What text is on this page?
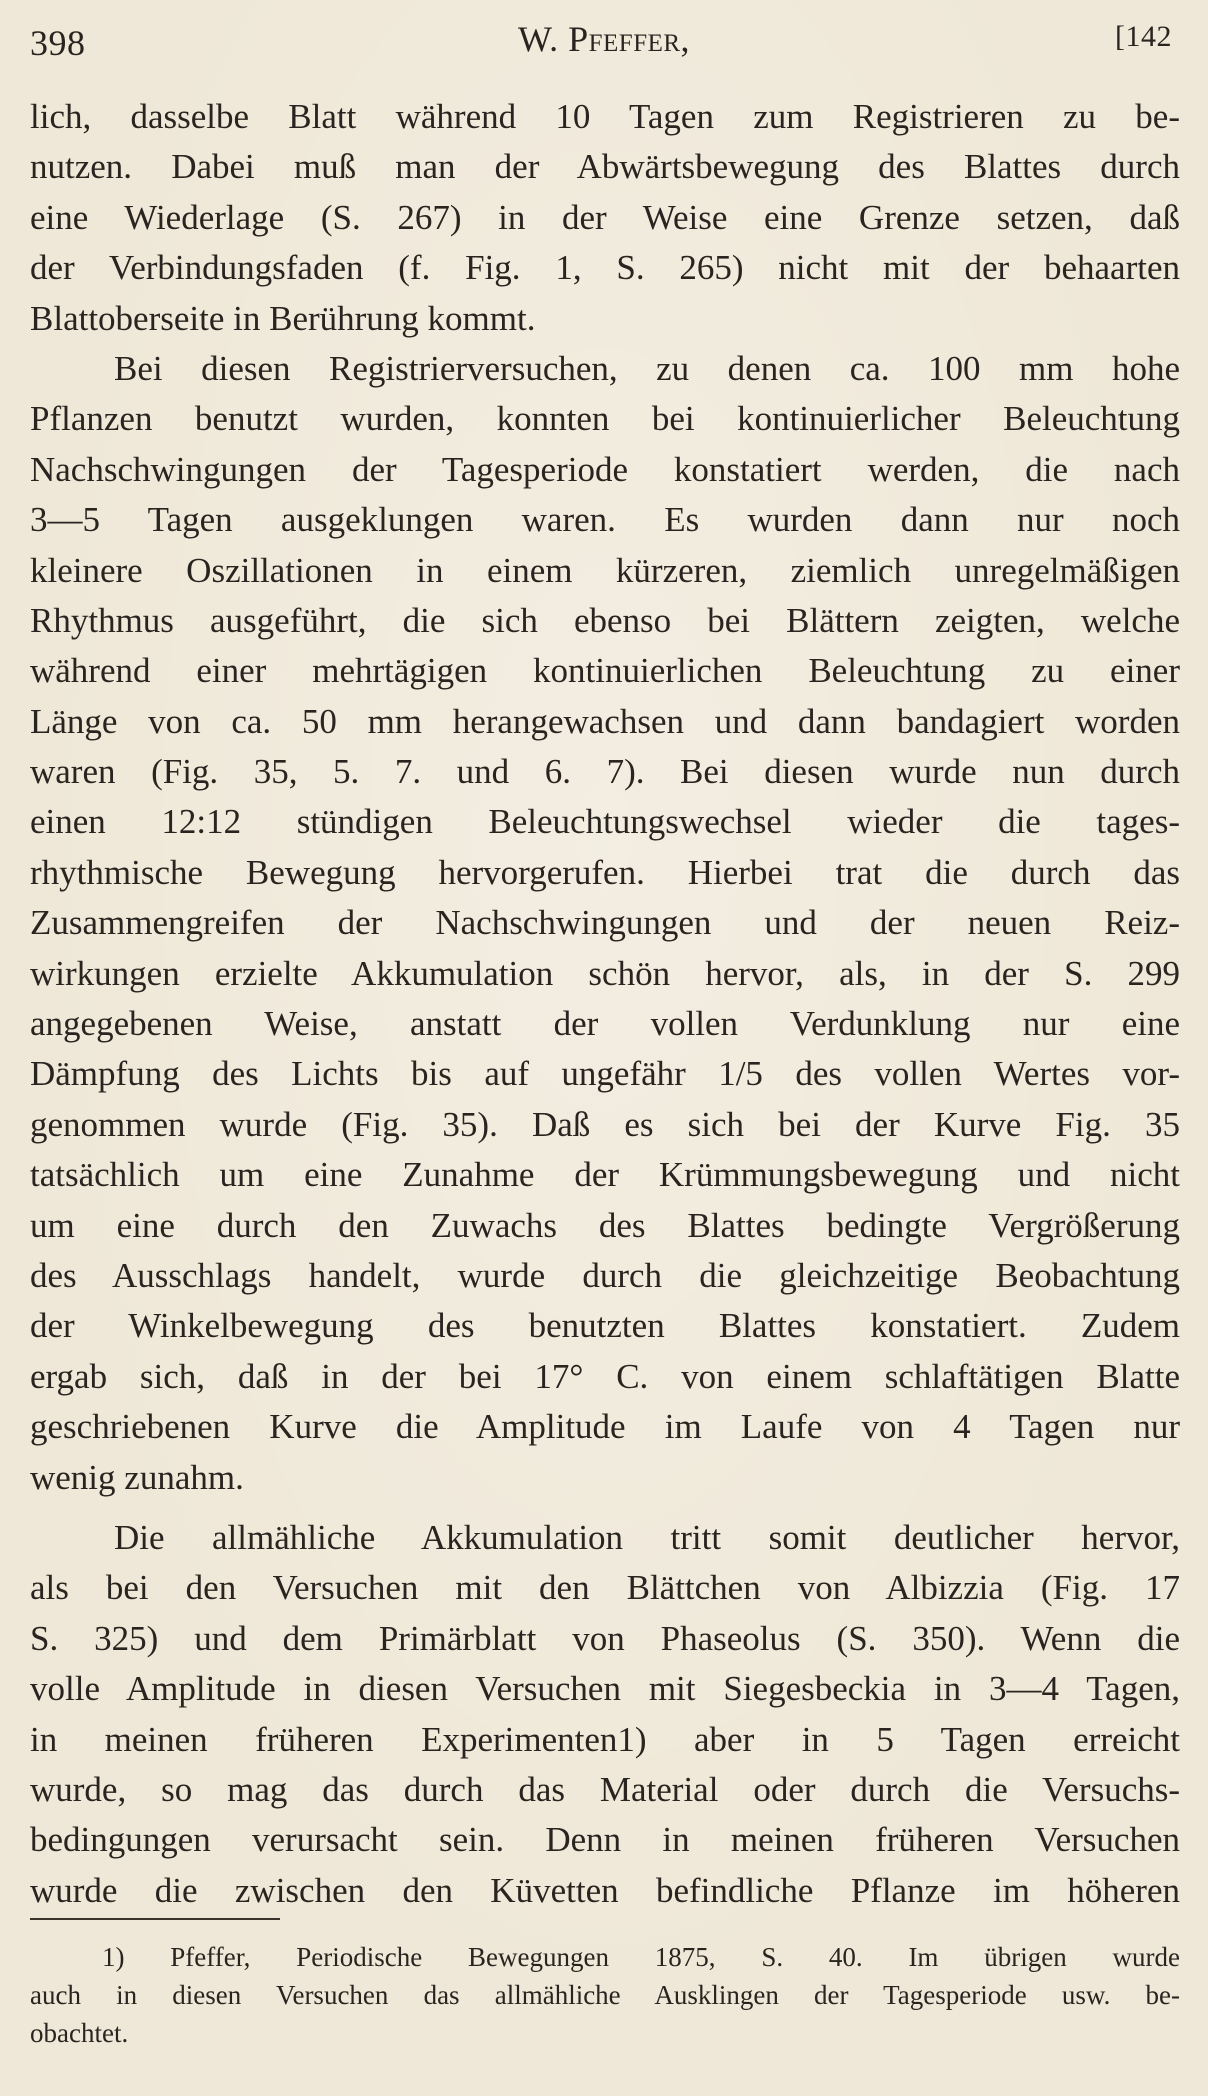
398	W. Pfeffer,	[142
lich, dasselbe Blatt während 10 Tagen zum Registrieren zu be-
nutzen. Dabei muß man der Abwärtsbewegung des Blattes durch
eine Wiederlage (S. 267) in der Weise eine Grenze setzen, daß
der Verbindungsfaden (f. Fig. 1, S. 265) nicht mit der behaarten
Blattoberseite in Berührung kommt.
Bei diesen Registrierversuchen, zu denen ca. 100 mm hohe
Pflanzen benutzt wurden, konnten bei kontinuierlicher Beleuchtung
Nachschwingungen der Tagesperiode konstatiert werden, die nach
3—5 Tagen ausgeklungen waren. Es wurden dann nur noch
kleinere Oszillationen in einem kürzeren, ziemlich unregelmäßigen
Rhythmus ausgeführt, die sich ebenso bei Blättern zeigten, welche
während einer mehrtägigen kontinuierlichen Beleuchtung zu einer
Länge von ca. 50 mm herangewachsen und dann bandagiert worden
waren (Fig. 35, 5. 7. und 6. 7). Bei diesen wurde nun durch
einen 12:12 stündigen Beleuchtungswechsel wieder die tages-
rhythmische Bewegung hervorgerufen. Hierbei trat die durch das
Zusammengreifen der Nachschwingungen und der neuen Reiz-
wirkungen erzielte Akkumulation schön hervor, als, in der S. 299
angegebenen Weise, anstatt der vollen Verdunklung nur eine
Dämpfung des Lichts bis auf ungefähr 1/5 des vollen Wertes vor-
genommen wurde (Fig. 35). Daß es sich bei der Kurve Fig. 35
tatsächlich um eine Zunahme der Krümmungsbewegung und nicht
um eine durch den Zuwachs des Blattes bedingte Vergrößerung
des Ausschlags handelt, wurde durch die gleichzeitige Beobachtung
der Winkelbewegung des benutzten Blattes konstatiert. Zudem
ergab sich, daß in der bei 17° C. von einem schlaftätigen Blatte
geschriebenen Kurve die Amplitude im Laufe von 4 Tagen nur
wenig zunahm.
Die allmähliche Akkumulation tritt somit deutlicher hervor,
als bei den Versuchen mit den Blättchen von Albizzia (Fig. 17
S. 325) und dem Primärblatt von Phaseolus (S. 350). Wenn die
volle Amplitude in diesen Versuchen mit Siegesbeckia in 3—4 Tagen,
in meinen früheren Experimenten1) aber in 5 Tagen erreicht
wurde, so mag das durch das Material oder durch die Versuchs-
bedingungen verursacht sein. Denn in meinen früheren Versuchen
wurde die zwischen den Küvetten befindliche Pflanze im höheren
1) Pfeffer, Periodische Bewegungen 1875, S. 40. Im übrigen wurde
auch in diesen Versuchen das allmähliche Ausklingen der Tagesperiode usw. be-
obachtet.
